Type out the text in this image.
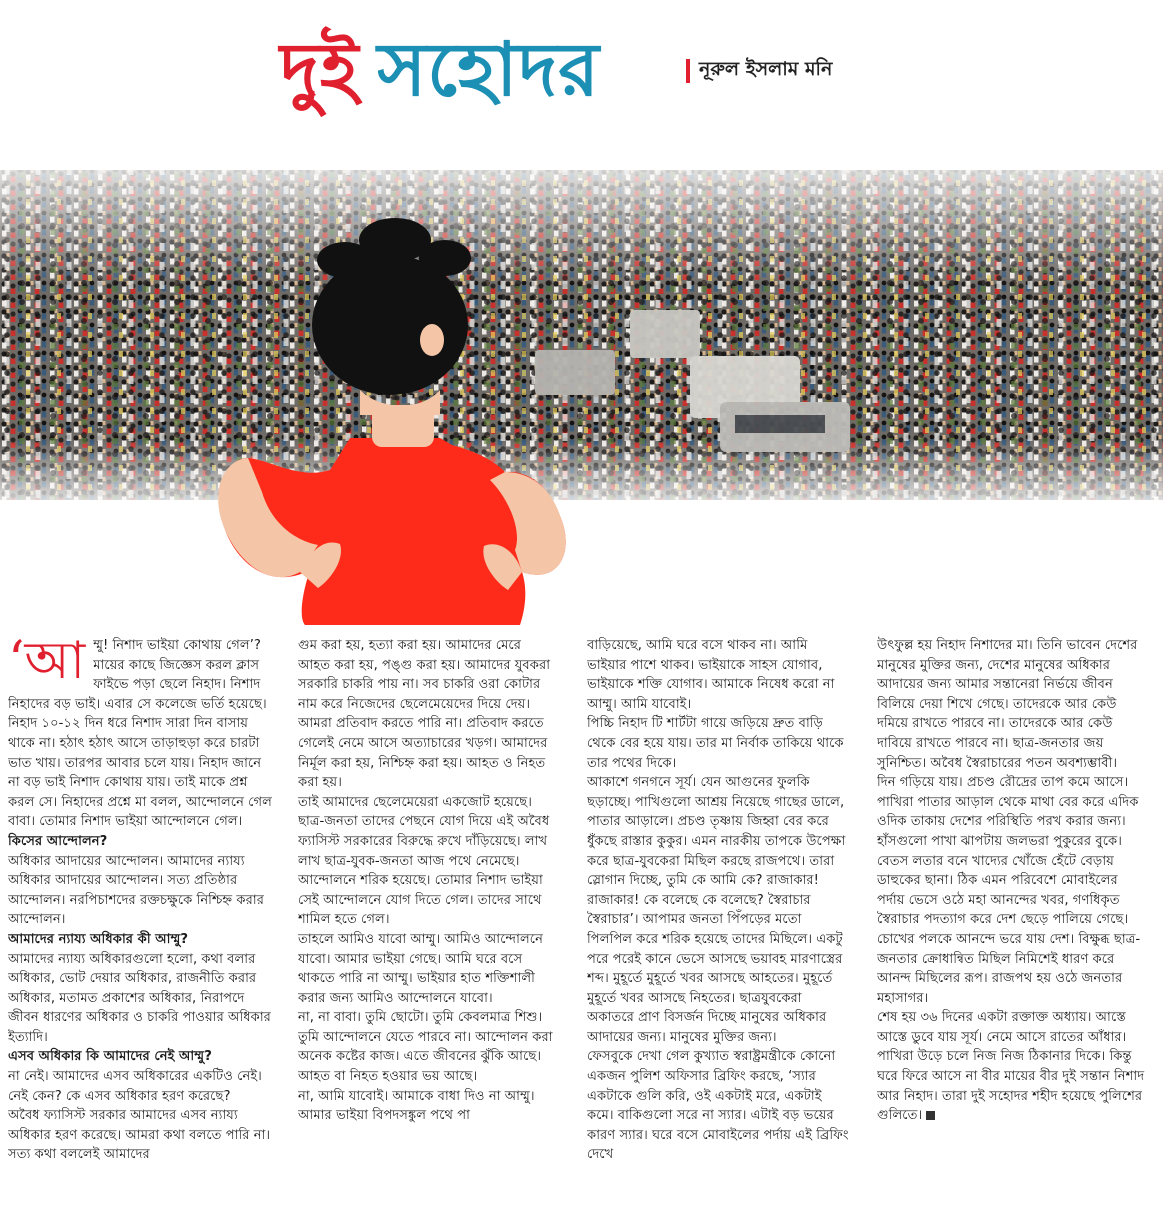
দুই সহোদর	নূরুল ইসলাম মনি
‘আ ম্মু! নিশাদ ভাইয়া কোথায় গেল’? মায়ের কাছে জিজ্ঞেস করল ক্লাস ফাইভে পড়া ছেলে নিহাদ। নিশাদ নিহাদের বড় ভাই। এবার সে কলেজে ভর্তি হয়েছে। নিহাদ ১০-১২ দিন ধরে নিশাদ সারা দিন বাসায় থাকে না। হঠাৎ হঠাৎ আসে তাড়াহুড়া করে চারটা ভাত খায়। তারপর আবার চলে যায়। নিহাদ জানে না বড় ভাই নিশাদ কোথায় যায়। তাই মাকে প্রশ্ন করল সে। নিহাদের প্রশ্নে মা বলল, আন্দোলনে গেল বাবা। তোমার নিশাদ ভাইয়া আন্দোলনে গেল।

কিসের আন্দোলন?

অধিকার আদায়ের আন্দোলন। আমাদের ন্যায্য অধিকার আদায়ের আন্দোলন। সত্য প্রতিষ্ঠার আন্দোলন। নরপিচাশদের রক্তচক্ষুকে নিশ্চিহ্ন করার আন্দোলন।

আমাদের ন্যায্য অধিকার কী আম্মু?

আমাদের ন্যায্য অধিকারগুলো হলো, কথা বলার অধিকার, ভোট দেয়ার অধিকার, রাজনীতি করার অধিকার, মতামত প্রকাশের অধিকার, নিরাপদে জীবন ধারণের অধিকার ও চাকরি পাওয়ার অধিকার ইত্যাদি।

এসব অধিকার কি আমাদের নেই আম্মু?

না নেই। আমাদের এসব অধিকারের একটিও নেই।

নেই কেন? কে এসব অধিকার হরণ করেছে?

অবৈধ ফ্যাসিস্ট সরকার আমাদের এসব ন্যায্য অধিকার হরণ করেছে। আমরা কথা বলতে পারি না। সত্য কথা বললেই আমাদের

গুম করা হয়, হত্যা করা হয়। আমাদের মেরে আহত করা হয়, পঙ্গু করা হয়। আমাদের যুবকরা সরকারি চাকরি পায় না। সব চাকরি ওরা কোটার নাম করে নিজেদের ছেলেমেয়েদের দিয়ে দেয়। আমরা প্রতিবাদ করতে পারি না। প্রতিবাদ করতে গেলেই নেমে আসে অত্যাচারের খড়গ। আমাদের নির্মূল করা হয়, নিশ্চিহ্ন করা হয়। আহত ও নিহত করা হয়।

তাই আমাদের ছেলেমেয়েরা একজোট হয়েছে। ছাত্র-জনতা তাদের পেছনে যোগ দিয়ে এই অবৈধ ফ্যাসিস্ট সরকারের বিরুদ্ধে রুখে দাঁড়িয়েছে। লাখ লাখ ছাত্র-যুবক-জনতা আজ পথে নেমেছে। আন্দোলনে শরিক হয়েছে। তোমার নিশাদ ভাইয়া সেই আন্দোলনে যোগ দিতে গেল। তাদের সাথে শামিল হতে গেল।

তাহলে আমিও যাবো আম্মু। আমিও আন্দোলনে যাবো। আমার ভাইয়া গেছে। আমি ঘরে বসে থাকতে পারি না আম্মু। ভাইয়ার হাত শক্তিশালী করার জন্য আমিও আন্দোলনে যাবো।

না, না বাবা। তুমি ছোটো। তুমি কেবলমাত্র শিশু। তুমি আন্দোলনে যেতে পারবে না। আন্দোলন করা অনেক কষ্টের কাজ। এতে জীবনের ঝুঁকি আছে। আহত বা নিহত হওয়ার ভয় আছে।

না, আমি যাবোই। আমাকে বাধা দিও না আম্মু। আমার ভাইয়া বিপদসঙ্কুল পথে পা

বাড়িয়েছে, আমি ঘরে বসে থাকব না। আমি ভাইয়ার পাশে থাকব। ভাইয়াকে সাহস যোগাব, ভাইয়াকে শক্তি যোগাব। আমাকে নিষেধ করো না আম্মু। আমি যাবোই।

পিচ্চি নিহাদ টি শার্টটা গায়ে জড়িয়ে দ্রুত বাড়ি থেকে বের হয়ে যায়। তার মা নির্বাক তাকিয়ে থাকে তার পথের দিকে।

আকাশে গনগনে সূর্য। যেন আগুনের ফুলকি ছড়াচ্ছে। পাখিগুলো আশ্রয় নিয়েছে গাছের ডালে, পাতার আড়ালে। প্রচণ্ড তৃষ্ণায় জিহ্বা বের করে ধুঁকছে রাস্তার কুকুর। এমন নারকীয় তাপকে উপেক্ষা করে ছাত্র-যুবকেরা মিছিল করছে রাজপথে। তারা স্লোগান দিচ্ছে, তুমি কে আমি কে? রাজাকার! রাজাকার! কে বলেছে কে বলেছে? স্বৈরাচার স্বৈরাচার’। আপামর জনতা পিঁপড়ের মতো পিলপিল করে শরিক হয়েছে তাদের মিছিলে। একটু পরে পরেই কানে ভেসে আসছে ভয়াবহ মারণাস্ত্রের শব্দ। মুহূর্তে মুহূর্তে খবর আসছে আহতের। মুহূর্তে মুহূর্তে খবর আসছে নিহতের। ছাত্রযুবকেরা অকাতরে প্রাণ বিসর্জন দিচ্ছে মানুষের অধিকার আদায়ের জন্য। মানুষের মুক্তির জন্য।

ফেসবুকে দেখা গেল কুখ্যাত স্বরাষ্ট্রমন্ত্রীকে কোনো একজন পুলিশ অফিসার ব্রিফিং করছে, ‘স্যার একটাকে গুলি করি, ওই একটাই মরে, একটাই কমে। বাকিগুলো সরে না স্যার। এটাই বড় ভয়ের কারণ স্যার। ঘরে বসে মোবাইলের পর্দায় এই ব্রিফিং দেখে

উৎফুল্ল হয় নিহাদ নিশাদের মা। তিনি ভাবেন দেশের মানুষের মুক্তির জন্য, দেশের মানুষের অধিকার আদায়ের জন্য আমার সন্তানেরা নির্ভয়ে জীবন বিলিয়ে দেয়া শিখে গেছে। তাদেরকে আর কেউ দমিয়ে রাখতে পারবে না। তাদেরকে আর কেউ দাবিয়ে রাখতে পারবে না। ছাত্র-জনতার জয় সুনিশ্চিত। অবৈধ স্বৈরাচারের পতন অবশ্যম্ভাবী।

দিন গড়িয়ে যায়। প্রচণ্ড রৌদ্রের তাপ কমে আসে। পাখিরা পাতার আড়াল থেকে মাথা বের করে এদিক ওদিক তাকায় দেশের পরিস্থিতি পরখ করার জন্য। হাঁসগুলো পাখা ঝাপটায় জলভরা পুকুরের বুকে। বেতস লতার বনে খাদ্যের খোঁজে হেঁটে বেড়ায় ডাহুকের ছানা। ঠিক এমন পরিবেশে মোবাইলের পর্দায় ভেসে ওঠে মহা আনন্দের খবর, গণধিকৃত স্বৈরাচার পদত্যাগ করে দেশ ছেড়ে পালিয়ে গেছে।

চোখের পলকে আনন্দে ভরে যায় দেশ। বিক্ষুব্ধ ছাত্র-জনতার ক্রোধান্বিত মিছিল নিমিশেই ধারণ করে আনন্দ মিছিলের রূপ। রাজপথ হয় ওঠে জনতার মহাসাগর।

শেষ হয় ৩৬ দিনের একটা রক্তাক্ত অধ্যায়। আস্তে আস্তে ডুবে যায় সূর্য। নেমে আসে রাতের আঁধার। পাখিরা উড়ে চলে নিজ নিজ ঠিকানার দিকে। কিন্তু ঘরে ফিরে আসে না বীর মায়ের বীর দুই সন্তান নিশাদ আর নিহাদ। তারা দুই সহোদর শহীদ হয়েছে পুলিশের গুলিতে।
